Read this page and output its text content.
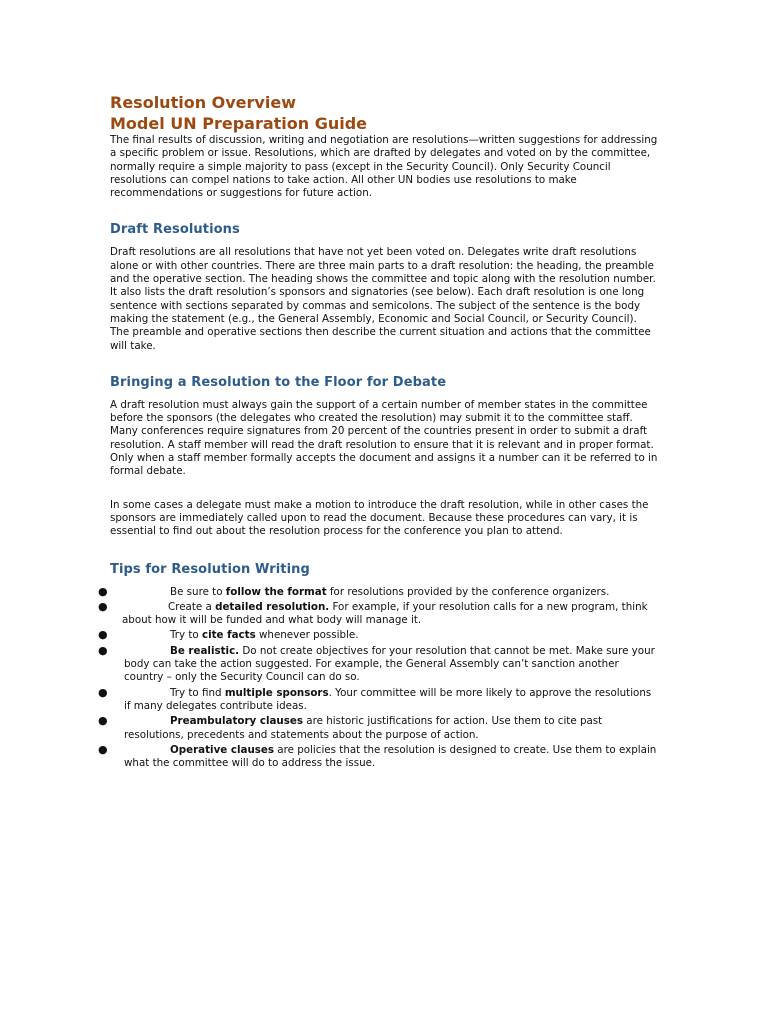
Resolution Overview
Model UN Preparation Guide

The final results of discussion, writing and negotiation are resolutions—written suggestions for addressing a specific problem or issue. Resolutions, which are drafted by delegates and voted on by the committee, normally require a simple majority to pass (except in the Security Council). Only Security Council resolutions can compel nations to take action. All other UN bodies use resolutions to make recommendations or suggestions for future action.

Draft Resolutions

Draft resolutions are all resolutions that have not yet been voted on. Delegates write draft resolutions alone or with other countries. There are three main parts to a draft resolution: the heading, the preamble and the operative section. The heading shows the committee and topic along with the resolution number. It also lists the draft resolution’s sponsors and signatories (see below). Each draft resolution is one long sentence with sections separated by commas and semicolons. The subject of the sentence is the body making the statement (e.g., the General Assembly, Economic and Social Council, or Security Council). The preamble and operative sections then describe the current situation and actions that the committee will take.

Bringing a Resolution to the Floor for Debate

A draft resolution must always gain the support of a certain number of member states in the committee before the sponsors (the delegates who created the resolution) may submit it to the committee staff. Many conferences require signatures from 20 percent of the countries present in order to submit a draft resolution. A staff member will read the draft resolution to ensure that it is relevant and in proper format. Only when a staff member formally accepts the document and assigns it a number can it be referred to in formal debate.

In some cases a delegate must make a motion to introduce the draft resolution, while in other cases the sponsors are immediately called upon to read the document. Because these procedures can vary, it is essential to find out about the resolution process for the conference you plan to attend.

Tips for Resolution Writing
●	Be sure to follow the format for resolutions provided by the conference organizers.
●	Create a detailed resolution. For example, if your resolution calls for a new program, think about how it will be funded and what body will manage it.
●	Try to cite facts whenever possible.
●	Be realistic. Do not create objectives for your resolution that cannot be met. Make sure your body can take the action suggested. For example, the General Assembly can’t sanction another country – only the Security Council can do so.
●	Try to find multiple sponsors. Your committee will be more likely to approve the resolutions if many delegates contribute ideas.
●	Preambulatory clauses are historic justifications for action. Use them to cite past resolutions, precedents and statements about the purpose of action.
●	Operative clauses are policies that the resolution is designed to create. Use them to explain what the committee will do to address the issue.
